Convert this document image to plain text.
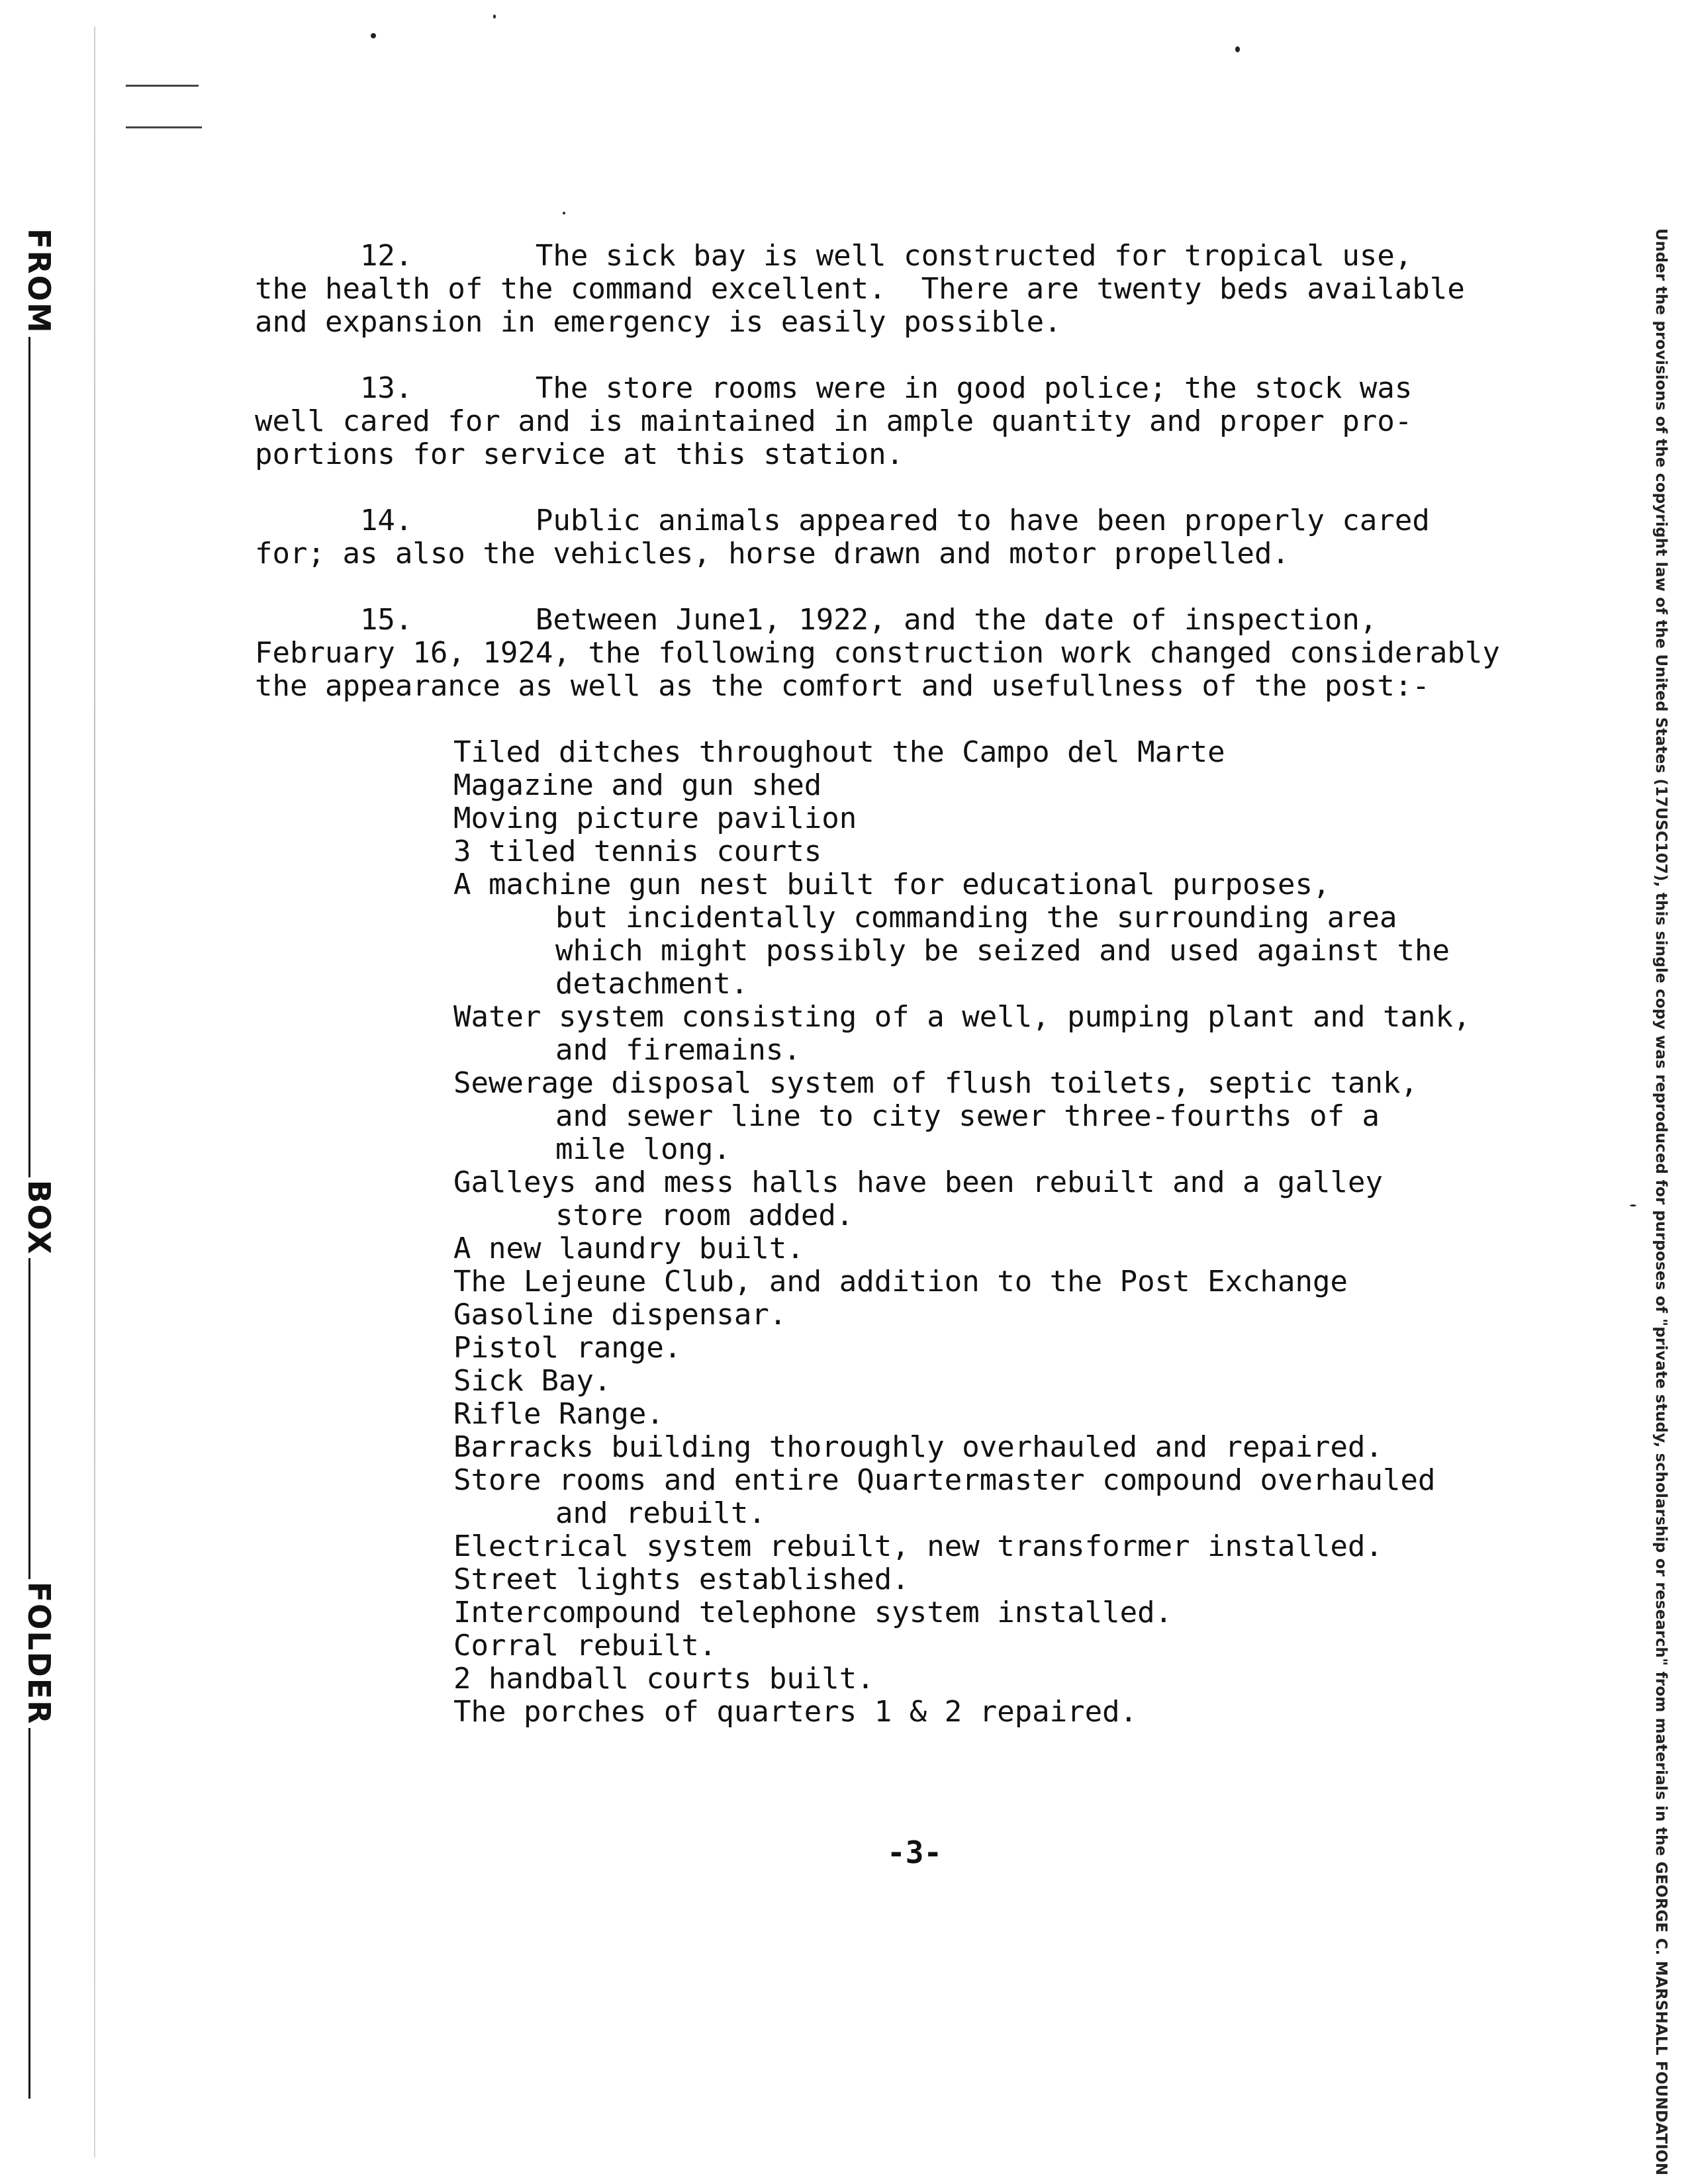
FROM
BOX
FOLDER	Under the provisions of the copyright law of the United States (17USC107), this single copy was reproduced for purposes of "private study, scholarship or research" from materials in the GEORGE C. MARSHALL FOUNDATION
12.       The sick bay is well constructed for tropical use,
the health of the command excellent.  There are twenty beds available
and expansion in emergency is easily possible.
13.       The store rooms were in good police; the stock was
well cared for and is maintained in ample quantity and proper pro-
portions for service at this station.
14.       Public animals appeared to have been properly cared
for; as also the vehicles, horse drawn and motor propelled.
15.       Between June1, 1922, and the date of inspection,
February 16, 1924, the following construction work changed considerably
the appearance as well as the comfort and usefullness of the post:-
Tiled ditches throughout the Campo del Marte
Magazine and gun shed
Moving picture pavilion
3 tiled tennis courts
A machine gun nest built for educational purposes,
but incidentally commanding the surrounding area
which might possibly be seized and used against the
detachment.
Water system consisting of a well, pumping plant and tank,
and firemains.
Sewerage disposal system of flush toilets, septic tank,
and sewer line to city sewer three-fourths of a
mile long.
Galleys and mess halls have been rebuilt and a galley
store room added.
A new laundry built.
The Lejeune Club, and addition to the Post Exchange
Gasoline dispensar.
Pistol range.
Sick Bay.
Rifle Range.
Barracks building thoroughly overhauled and repaired.
Store rooms and entire Quartermaster compound overhauled
and rebuilt.
Electrical system rebuilt, new transformer installed.
Street lights established.
Intercompound telephone system installed.
Corral rebuilt.
2 handball courts built.
The porches of quarters 1 & 2 repaired.
-3-
